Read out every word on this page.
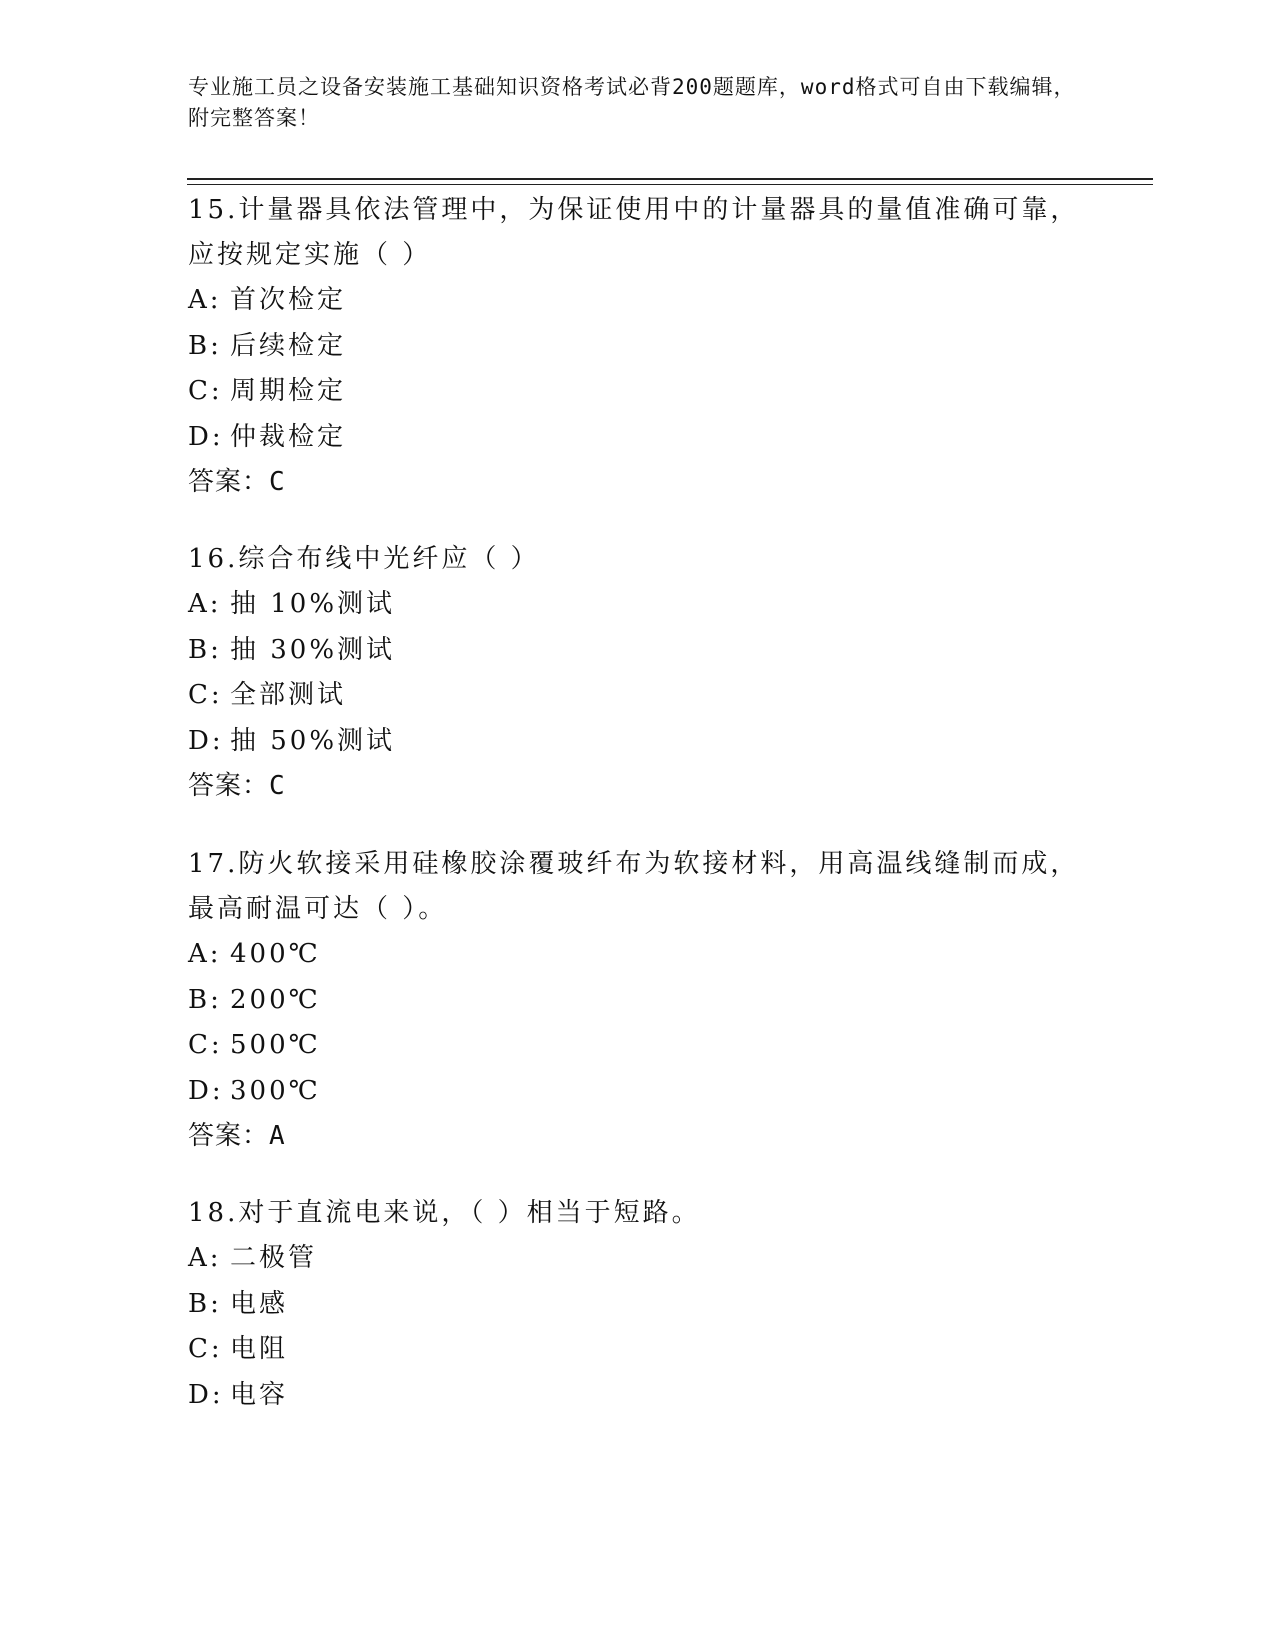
专业施工员之设备安装施工基础知识资格考试必背200题题库，word格式可自由下载编辑，附完整答案！

15.计量器具依法管理中，为保证使用中的计量器具的量值准确可靠，应按规定实施（ ）

A: 首次检定
B: 后续检定
C: 周期检定
D: 仲裁检定

答案：C

16.综合布线中光纤应（ ）

A: 抽 10%测试
B: 抽 30%测试
C: 全部测试
D: 抽 50%测试

答案：C

17.防火软接采用硅橡胶涂覆玻纤布为软接材料，用高温线缝制而成，最高耐温可达（ ）。

A: 400℃
B: 200℃
C: 500℃
D: 300℃

答案：A

18.对于直流电来说，（ ）相当于短路。

A: 二极管
B: 电感
C: 电阻
D: 电容
